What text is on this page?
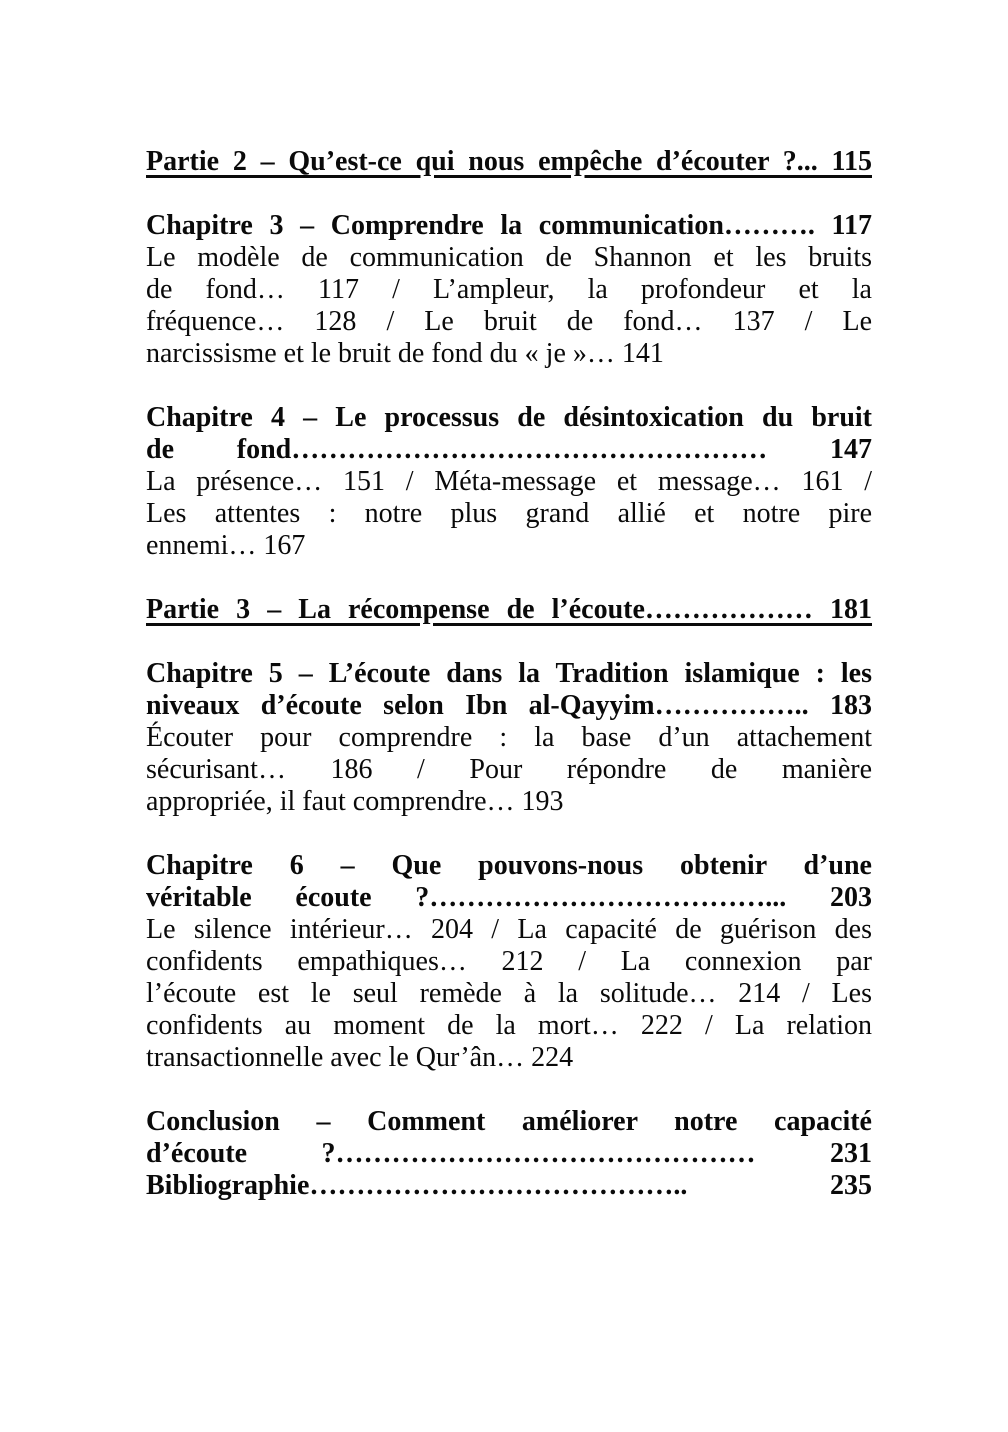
Partie 2 – Qu’est-ce qui nous empêche d’écouter ?... 115
Chapitre 3 – Comprendre la communication………. 117
Le modèle de communication de Shannon et les bruits
de fond… 117 / L’ampleur, la profondeur et la
fréquence… 128 / Le bruit de fond… 137 / Le
narcissisme et le bruit de fond du « je »… 141
Chapitre 4 – Le processus de désintoxication du bruit
de fond…………………………………………… 147
La présence… 151 / Méta-message et message… 161 /
Les attentes : notre plus grand allié et notre pire
ennemi… 167
Partie 3 – La récompense de l’écoute……………… 181
Chapitre 5 – L’écoute dans la Tradition islamique : les
niveaux d’écoute selon Ibn al-Qayyim…………….. 183
Écouter pour comprendre : la base d’un attachement
sécurisant… 186 / Pour répondre de manière
appropriée, il faut comprendre… 193
Chapitre 6 – Que pouvons-nous obtenir d’une
véritable écoute ?………………………………... 203
Le silence intérieur… 204 / La capacité de guérison des
confidents empathiques… 212 / La connexion par
l’écoute est le seul remède à la solitude… 214 / Les
confidents au moment de la mort… 222 / La relation
transactionnelle avec le Qur’ân… 224
Conclusion – Comment améliorer notre capacité
d’écoute ?……………………………………… 231
Bibliographie………………………………….. 235
